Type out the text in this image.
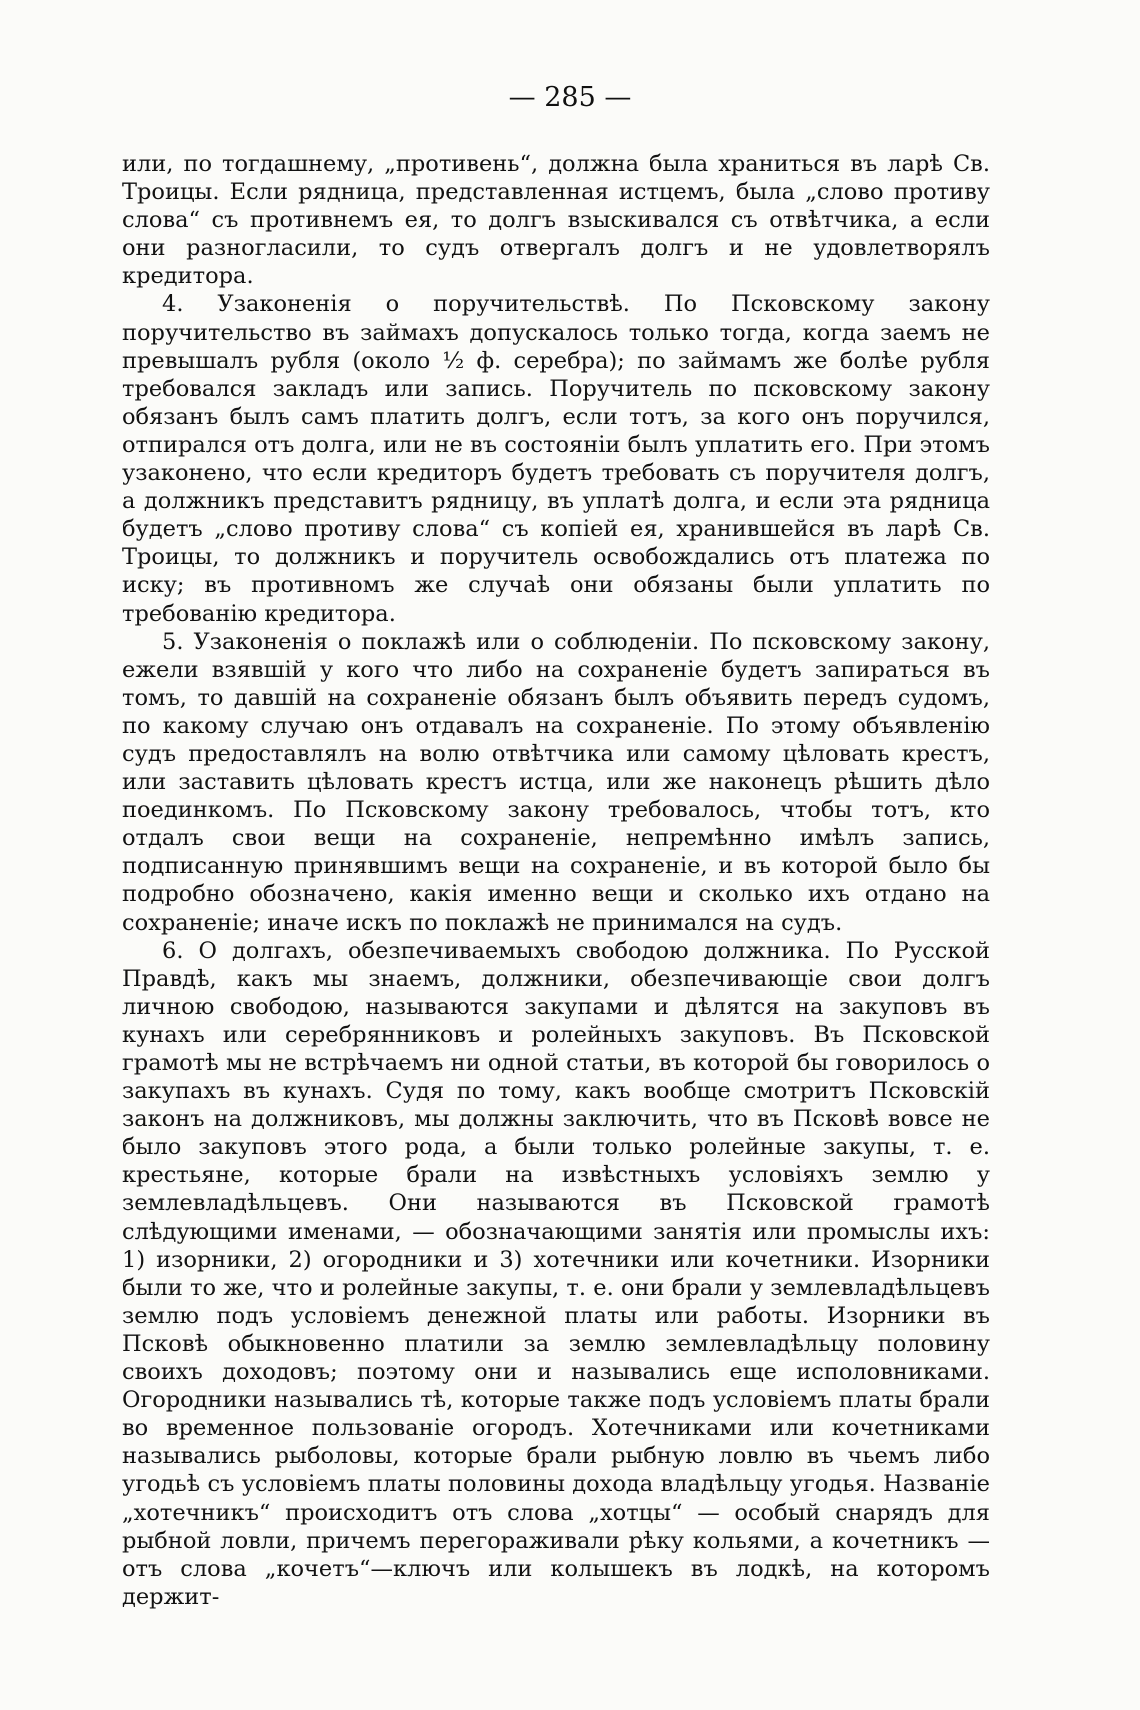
— 285 —

или, по тогдашнему, „противень“, должна была храниться въ ларѣ Св. Троицы. Если рядница, представленная истцемъ, была „слово противу слова“ съ противнемъ ея, то долгъ взыскивался съ отвѣтчика, а если они разногласили, то судъ отвергалъ долгъ и не удовлетворялъ кредитора.

4. Узаконенія о поручительствѣ. По Псковскому закону поручительство въ займахъ допускалось только тогда, когда заемъ не превышалъ рубля (около ½ ф. серебра); по займамъ же болѣе рубля требовался закладъ или запись. Поручитель по псковскому закону обязанъ былъ самъ платить долгъ, если тотъ, за кого онъ поручился, отпирался отъ долга, или не въ состояніи былъ уплатить его. При этомъ узаконено, что если кредиторъ будетъ требовать съ поручителя долгъ, а должникъ представитъ рядницу, въ уплатѣ долга, и если эта рядница будетъ „слово противу слова“ съ копіей ея, хранившейся въ ларѣ Св. Троицы, то должникъ и поручитель освобождались отъ платежа по иску; въ противномъ же случаѣ они обязаны были уплатить по требованію кредитора.

5. Узаконенія о поклажѣ или о соблюденіи. По псковскому закону, ежели взявшій у кого что либо на сохраненіе будетъ запираться въ томъ, то давшій на сохраненіе обязанъ былъ объявить передъ судомъ, по какому случаю онъ отдавалъ на сохраненіе. По этому объявленію судъ предоставлялъ на волю отвѣтчика или самому цѣловать крестъ, или заставить цѣловать крестъ истца, или же наконецъ рѣшить дѣло поединкомъ. По Псковскому закону требовалось, чтобы тотъ, кто отдалъ свои вещи на сохраненіе, непремѣнно имѣлъ запись, подписанную принявшимъ вещи на сохраненіе, и въ которой было бы подробно обозначено, какія именно вещи и сколько ихъ отдано на сохраненіе; иначе искъ по поклажѣ не принимался на судъ.

6. О долгахъ, обезпечиваемыхъ свободою должника. По Русской Правдѣ, какъ мы знаемъ, должники, обезпечивающіе свои долгъ личною свободою, называются закупами и дѣлятся на закуповъ въ кунахъ или серебрянниковъ и ролейныхъ закуповъ. Въ Псковской грамотѣ мы не встрѣчаемъ ни одной статьи, въ которой бы говорилось о закупахъ въ кунахъ. Судя по тому, какъ вообще смотритъ Псковскій законъ на должниковъ, мы должны заключить, что въ Псковѣ вовсе не было закуповъ этого рода, а были только ролейные закупы, т. е. крестьяне, которые брали на извѣстныхъ условіяхъ землю у землевладѣльцевъ. Они называются въ Псковской грамотѣ слѣдующими именами, — обозначающими занятія или промыслы ихъ: 1) изорники, 2) огородники и 3) хотечники или кочетники. Изорники были то же, что и ролейные закупы, т. е. они брали у землевладѣльцевъ землю подъ условіемъ денежной платы или работы. Изорники въ Псковѣ обыкновенно платили за землю землевладѣльцу половину своихъ доходовъ; поэтому они и назывались еще исполовниками. Огородники назывались тѣ, которые также подъ условіемъ платы брали во временное пользованіе огородъ. Хотечниками или кочетниками назывались рыболовы, которые брали рыбную ловлю въ чьемъ либо угодьѣ съ условіемъ платы половины дохода владѣльцу угодья. Названіе „хотечникъ“ происходитъ отъ слова „хотцы“ — особый снарядъ для рыбной ловли, причемъ перегораживали рѣку кольями, а кочетникъ — отъ слова „кочетъ“—ключъ или колышекъ въ лодкѣ, на которомъ держит-
